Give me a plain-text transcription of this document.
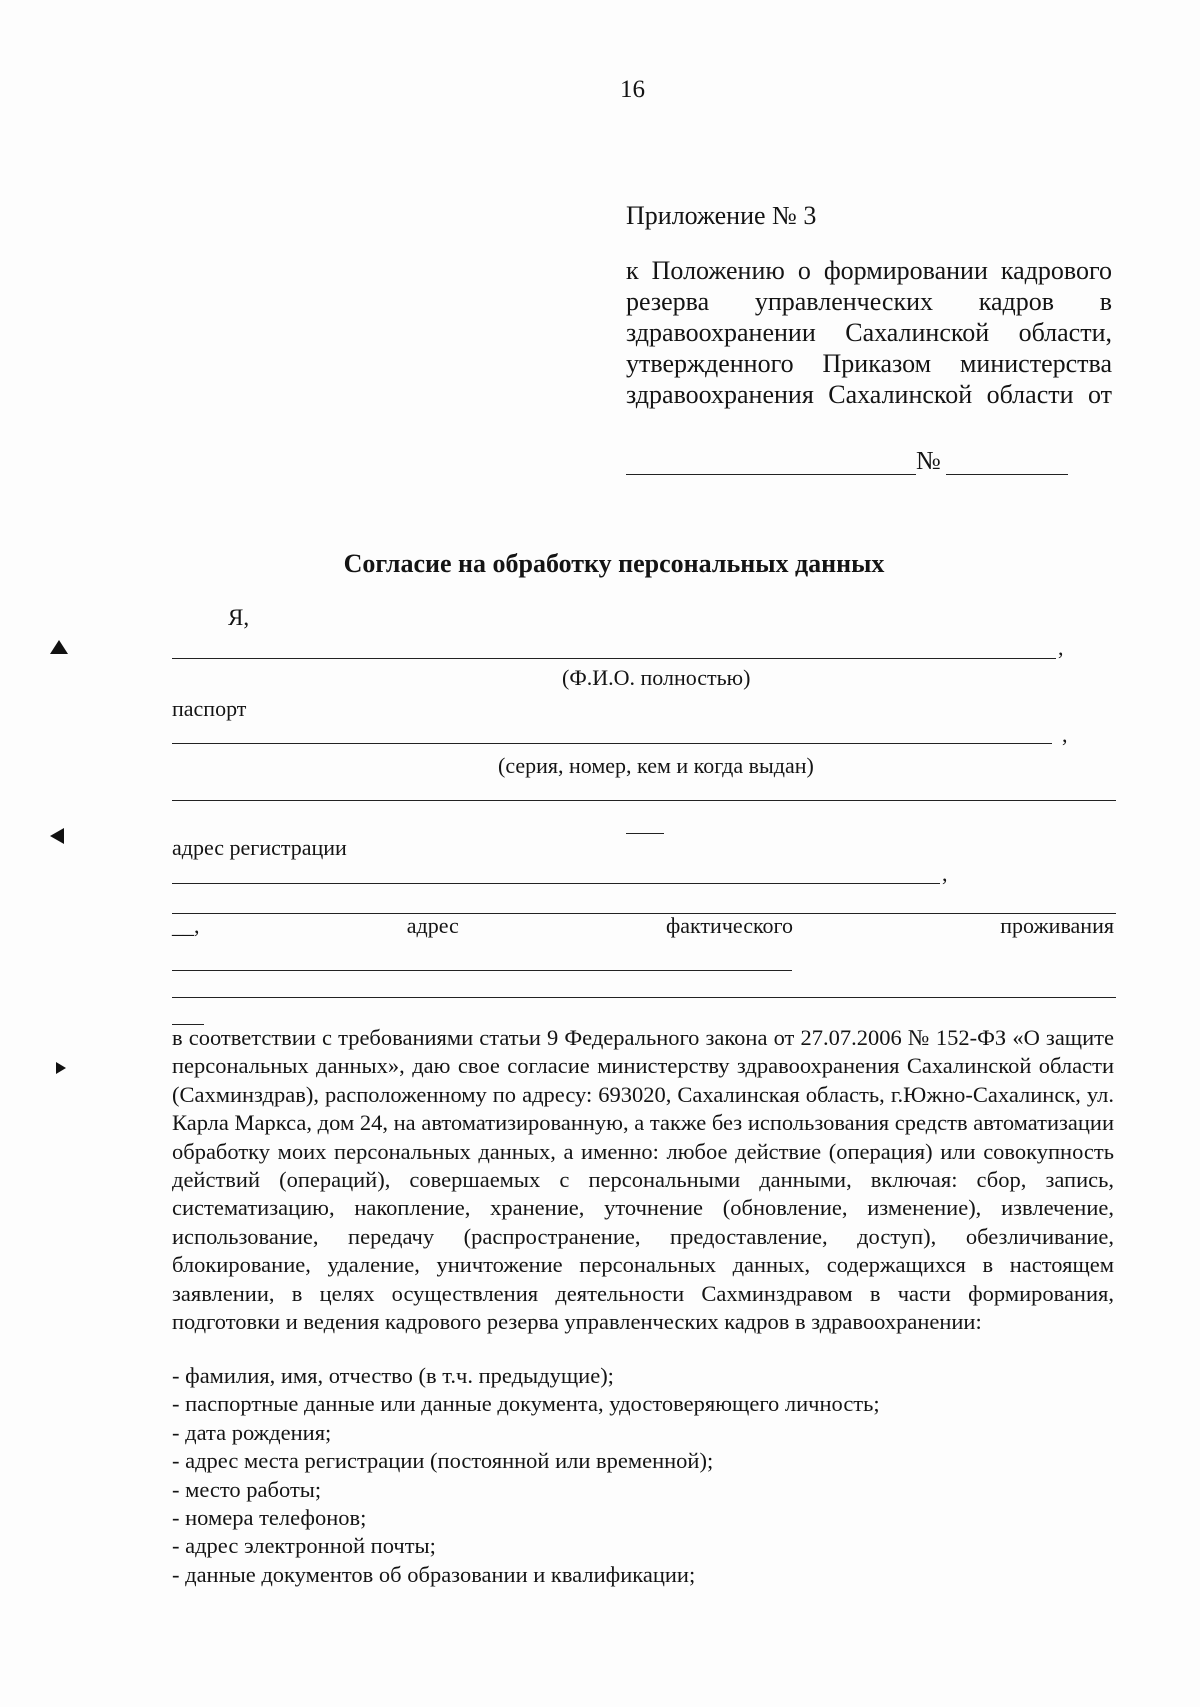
16
Приложение № 3
к Положению о формировании кадрового резерва управленческих кадров в здравоохранении Сахалинской области, утвержденного Приказом министерства здравоохранения Сахалинской области от
№
Согласие на обработку персональных данных
Я,
,
(Ф.И.О. полностью)
паспорт
,
(серия, номер, кем и когда выдан)
адрес регистрации
,
__,	адрес	фактического	проживания
в соответствии с требованиями статьи 9 Федерального закона от 27.07.2006 № 152-ФЗ «О защите персональных данных», даю свое согласие министерству здравоохранения Сахалинской области (Сахминздрав), расположенному по адресу: 693020, Сахалинская область, г.Южно-Сахалинск, ул. Карла Маркса, дом 24, на автоматизированную, а также без использования средств автоматизации обработку моих персональных данных, а именно: любое действие (операция) или совокупность действий (операций), совершаемых с персональными данными, включая: сбор, запись, систематизацию, накопление, хранение, уточнение (обновление, изменение), извлечение, использование, передачу (распространение, предоставление, доступ), обезличивание, блокирование, удаление, уничтожение персональных данных, содержащихся в настоящем заявлении, в целях осуществления деятельности Сахминздравом в части формирования, подготовки и ведения кадрового резерва управленческих кадров в здравоохранении:
- фамилия, имя, отчество (в т.ч. предыдущие);
- паспортные данные или данные документа, удостоверяющего личность;
- дата рождения;
- адрес места регистрации (постоянной или временной);
- место работы;
- номера телефонов;
- адрес электронной почты;
- данные документов об образовании и квалификации;
